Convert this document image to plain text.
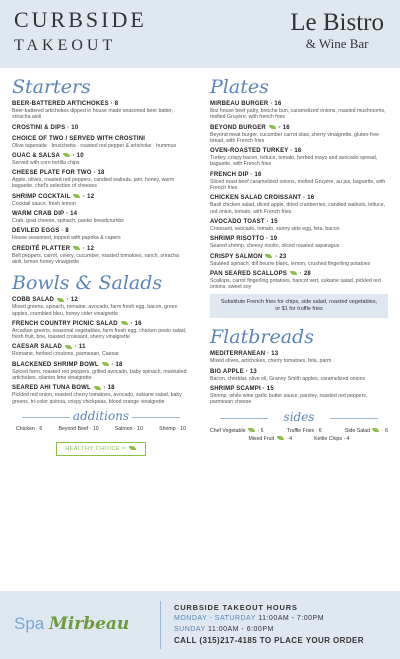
CURBSIDE
TAKEOUT
Le Bistro
& Wine Bar
Starters
BEER-BATTERED ARTICHOKES · 8
Beer-battered artichokes dipped in house made seasoned beer batter, sriracha aioli
CROSTINI & DIPS · 10
CHOICE OF TWO / SERVED WITH CROSTINI
Olive tapenade · bruschetta · roasted red pepper & artichoke · hummus
GUAC & SALSA  · 10
Served with corn tortilla chips
CHEESE PLATE FOR TWO · 18
Apple, olives, roasted red peppers, candied walnuts, jam, honey, warm baguette, chef's selection of cheeses
SHRIMP COCKTAIL  · 12
Cocktail sauce, fresh lemon
WARM CRAB DIP · 14
Crab, goat cheese, spinach, panko breadcrumbs
DEVILED EGGS · 8
House seasoned, topped with paprika & capers
CREDITÉ PLATTER  · 12
Bell peppers, carrot, celery, cucumber, roasted tomatoes, ranch, sriracha aioli, lemon honey vinaigrette
Bowls & Salads
COBB SALAD  · 12
Mixed greens, spinach, romaine, avocado, farm fresh egg, bacon, green apples, crumbled bleu, honey cider vinaigrette
FRENCH COUNTRY PICNIC SALAD  · 16
Arcadian greens, seasonal vegetables, farm fresh egg, chicken pesto salad, fresh fruit, brie, toasted croissant, sherry vinaigrette
CAESAR SALAD  · 11
Romaine, herbed croutons, parmesan, Caesar
BLACKENED SHRIMP BOWL  · 18
Spiced farro, roasted red peppers, grilled avocado, baby spinach, marinated artichokes, cilantro lime vinaigrette
SEARED AHI TUNA BOWL  · 18
Pickled red onion, roasted cherry tomatoes, avocado, sukiane salad, baby greens, tri-color quinoa, crispy chickpeas, blood orange vinaigrette
additions
Chicken · 6	Beyond Beef · 10	Salmon · 10	Shrimp · 10
HEALTHY CHOICE =
Plates
MIRBEAU BURGER · 16
8oz house beef patty, brioche bun, caramelized onions, roasted mushrooms, melted Gruyère, with french fries
BEYOND BURGER  · 16
Beyond meat burger, cucumber carrot slaw, sherry vinaigrette, gluten-free bread, with French fries
OVEN-ROASTED TURKEY · 16
Turkey, crispy bacon, lettuce, tomato, herbed mayo and avocado spread, baguette, with French fries
FRENCH DIP · 16
Sliced roast beef caramelized onions, melted Gruyère, au jus, baguette, with French fries
CHICKEN SALAD CROISSANT · 16
Basil chicken salad, diced apple, dried cranberries, candied walnuts, lettuce, red onion, tomato, with French fries
AVOCADO TOAST · 15
Croissant, avocado, tomato, sunny side egg, feta, bacon
SHRIMP RISOTTO · 19
Seared shrimp, cheesy risotto, sliced roasted asparagus
CRISPY SALMON  · 23
Sautéed spinach, dill beurre blanc, lemon, crushed fingerling potatoes
PAN SEARED SCALLOPS  · 28
Scallops, carrot fingerling potatoes, haricot vert, sukiane salad, pickled red onions, sweet soy
Substitute French fries for chips, side salad, roasted vegetables, or $1 for truffle fries
Flatbreads
MEDITERRANEAN · 13
Mixed olives, artichokes, cherry tomatoes, feta, parm
BIG APPLE · 13
Bacon, cheddar, olive oil, Granny Smith apples, caramelized onions
SHRIMP SCAMPI · 15
Shrimp, white wine garlic butter sauce, parsley, roasted red peppers, parmesan cheese
sides
Chef Vegetable  · 6	Truffle Fries · 6	Side Salad  · 6
Mixed Fruit  · 4	Kettle Chips · 4
Spa Mirbeau
CURBSIDE TAKEOUT HOURS
MONDAY - SATURDAY 11:00AM - 7:00PM
SUNDAY 11:00AM - 6:00PM
CALL (315)217-4185 TO PLACE YOUR ORDER
